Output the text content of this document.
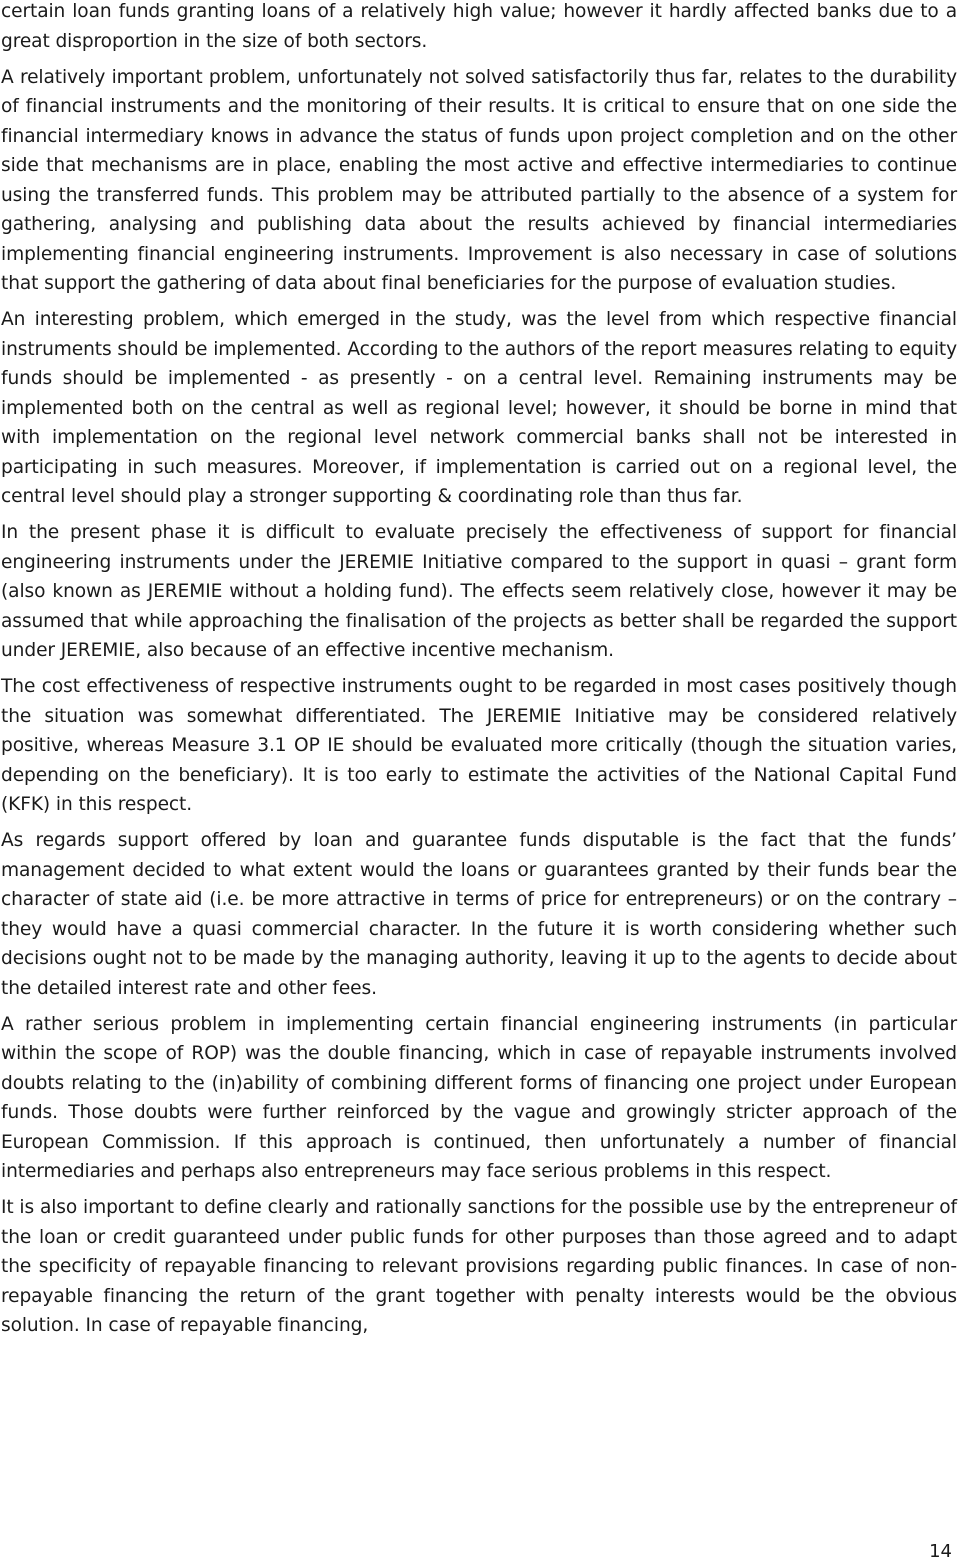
certain loan funds granting loans of a relatively high value; however it hardly affected banks due to a great disproportion in the size of both sectors.

A relatively important problem, unfortunately not solved satisfactorily thus far, relates to the durability of financial instruments and the monitoring of their results. It is critical to ensure that on one side the financial intermediary knows in advance the status of funds upon project completion and on the other side that mechanisms are in place, enabling the most active and effective intermediaries to continue using the transferred funds. This problem may be attributed partially to the absence of a system for gathering, analysing and publishing data about the results achieved by financial intermediaries implementing financial engineering instruments. Improvement is also necessary in case of solutions that support the gathering of data about final beneficiaries for the purpose of evaluation studies.

An interesting problem, which emerged in the study, was the level from which respective financial instruments should be implemented. According to the authors of the report measures relating to equity funds should be implemented - as presently - on a central level. Remaining instruments may be implemented both on the central as well as regional level; however, it should be borne in mind that with implementation on the regional level network commercial banks shall not be interested in participating in such measures. Moreover, if implementation is carried out on a regional level, the central level should play a stronger supporting & coordinating role than thus far.

In the present phase it is difficult to evaluate precisely the effectiveness of support for financial engineering instruments under the JEREMIE Initiative compared to the support in quasi – grant form (also known as JEREMIE without a holding fund). The effects seem relatively close, however it may be assumed that while approaching the finalisation of the projects as better shall be regarded the support under JEREMIE, also because of an effective incentive mechanism.

The cost effectiveness of respective instruments ought to be regarded in most cases positively though the situation was somewhat differentiated. The JEREMIE Initiative may be considered relatively positive, whereas Measure 3.1 OP IE should be evaluated more critically (though the situation varies, depending on the beneficiary). It is too early to estimate the activities of the National Capital Fund (KFK) in this respect.

As regards support offered by loan and guarantee funds disputable is the fact that the funds’ management decided to what extent would the loans or guarantees granted by their funds bear the character of state aid (i.e. be more attractive in terms of price for entrepreneurs) or on the contrary – they would have a quasi commercial character. In the future it is worth considering whether such decisions ought not to be made by the managing authority, leaving it up to the agents to decide about the detailed interest rate and other fees.

A rather serious problem in implementing certain financial engineering instruments (in particular within the scope of ROP) was the double financing, which in case of repayable instruments involved doubts relating to the (in)ability of combining different forms of financing one project under European funds. Those doubts were further reinforced by the vague and growingly stricter approach of the European Commission. If this approach is continued, then unfortunately a number of financial intermediaries and perhaps also entrepreneurs may face serious problems in this respect.

It is also important to define clearly and rationally sanctions for the possible use by the entrepreneur of the loan or credit guaranteed under public funds for other purposes than those agreed and to adapt the specificity of repayable financing to relevant provisions regarding public finances. In case of non-repayable financing the return of the grant together with penalty interests would be the obvious solution. In case of repayable financing,

14
